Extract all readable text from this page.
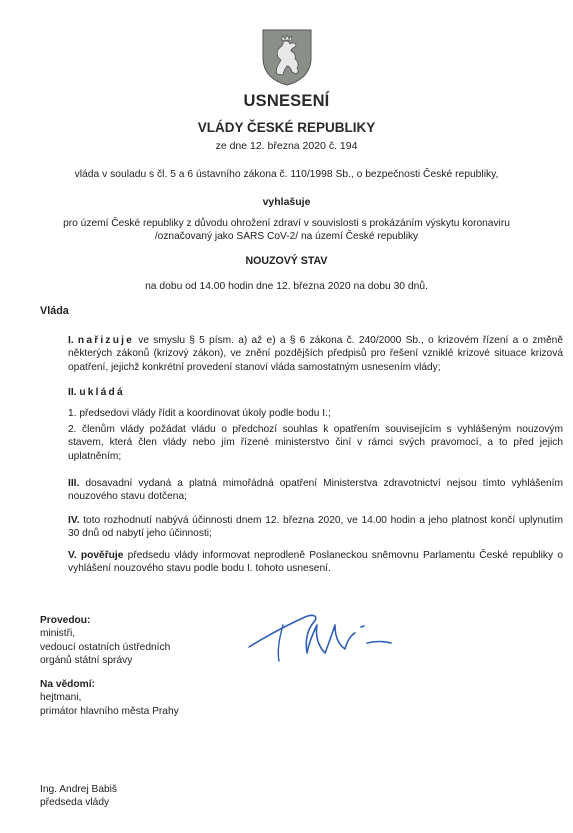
USNESENÍ
VLÁDY ČESKÉ REPUBLIKY
ze dne 12. března 2020 č. 194
vláda v souladu s čl. 5 a 6 ústavního zákona č. 110/1998 Sb., o bezpečnosti České republiky,
vyhlašuje
pro území České republiky z důvodu ohrožení zdraví v souvislosti s prokázáním výskytu koronaviru
/označovaný jako SARS CoV-2/ na území České republiky
NOUZOVÝ STAV
na dobu od 14.00 hodin dne 12. března 2020 na dobu 30 dnů.
Vláda
I. nařizuje ve smyslu § 5 písm. a) až e) a § 6 zákona č. 240/2000 Sb., o krizovém řízení a o změně některých zákonů (krizový zákon), ve znění pozdějších předpisů pro řešení vzniklé krizové situace krizová opatření, jejichž konkrétní provedení stanoví vláda samostatným usnesením vlády;
II. ukládá
1. předsedovi vlády řídit a koordinovat úkoly podle bodu I.;
2. členům vlády požádat vládu o předchozí souhlas k opatřením souvisejícím s vyhlášeným nouzovým stavem, která člen vlády nebo jím řízené ministerstvo činí v rámci svých pravomocí, a to před jejich uplatněním;
III. dosavadní vydaná a platná mimořádná opatření Ministerstva zdravotnictví nejsou tímto vyhlášením nouzového stavu dotčena;
IV. toto rozhodnutí nabývá účinnosti dnem 12. března 2020, ve 14.00 hodin a jeho platnost končí uplynutím 30 dnů od nabytí jeho účinnosti;
V. pověřuje předsedu vlády informovat neprodleně Poslaneckou sněmovnu Parlamentu České republiky o vyhlášení nouzového stavu podle bodu I. tohoto usnesení.
Provedou:
ministři,
vedoucí ostatních ústředních
orgánů státní správy
Na vědomí:
hejtmani,
primátor hlavního města Prahy
Ing. Andrej Babiš
předseda vlády
